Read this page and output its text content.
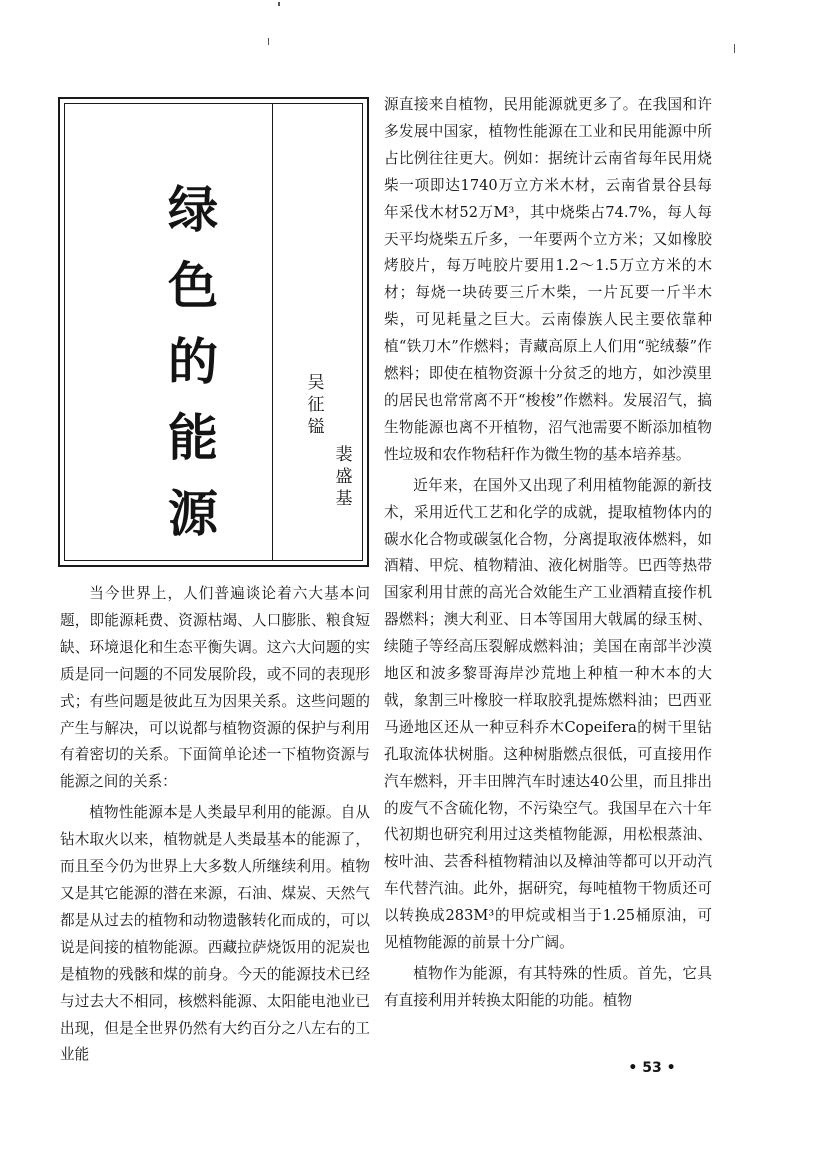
绿
色
的
能
源
吴
征
镒
裴
盛
基

当今世界上，人们普遍谈论着六大基本问题，即能源耗费、资源枯竭、人口膨胀、粮食短缺、环境退化和生态平衡失调。这六大问题的实质是同一问题的不同发展阶段，或不同的表现形式；有些问题是彼此互为因果关系。这些问题的产生与解决，可以说都与植物资源的保护与利用有着密切的关系。下面简单论述一下植物资源与能源之间的关系：

植物性能源本是人类最早利用的能源。自从钻木取火以来，植物就是人类最基本的能源了，而且至今仍为世界上大多数人所继续利用。植物又是其它能源的潜在来源，石油、煤炭、天然气都是从过去的植物和动物遗骸转化而成的，可以说是间接的植物能源。西藏拉萨烧饭用的泥炭也是植物的残骸和煤的前身。今天的能源技术已经与过去大不相同，核燃料能源、太阳能电池业已出现，但是全世界仍然有大约百分之八左右的工业能

源直接来自植物，民用能源就更多了。在我国和许多发展中国家，植物性能源在工业和民用能源中所占比例往往更大。例如：据统计云南省每年民用烧柴一项即达1740万立方米木材，云南省景谷县每年采伐木材52万M³，其中烧柴占74.7%，每人每天平均烧柴五斤多，一年要两个立方米；又如橡胶烤胶片，每万吨胶片要用1.2～1.5万立方米的木材；每烧一块砖要三斤木柴，一片瓦要一斤半木柴，可见耗量之巨大。云南傣族人民主要依靠种植“铁刀木”作燃料；青藏高原上人们用“驼绒藜”作燃料；即使在植物资源十分贫乏的地方，如沙漠里的居民也常常离不开“梭梭”作燃料。发展沼气，搞生物能源也离不开植物，沼气池需要不断添加植物性垃圾和农作物秸秆作为微生物的基本培养基。

近年来，在国外又出现了利用植物能源的新技术，采用近代工艺和化学的成就，提取植物体内的碳水化合物或碳氢化合物，分离提取液体燃料，如酒精、甲烷、植物精油、液化树脂等。巴西等热带国家利用甘蔗的高光合效能生产工业酒精直接作机器燃料；澳大利亚、日本等国用大戟属的绿玉树、续随子等经高压裂解成燃料油；美国在南部半沙漠地区和波多黎哥海岸沙荒地上种植一种木本的大戟，象割三叶橡胶一样取胶乳提炼燃料油；巴西亚马逊地区还从一种豆科乔木Copeifera的树干里钻孔取流体状树脂。这种树脂燃点很低，可直接用作汽车燃料，开丰田牌汽车时速达40公里，而且排出的废气不含硫化物，不污染空气。我国早在六十年代初期也研究利用过这类植物能源，用松根蒸油、桉叶油、芸香科植物精油以及樟油等都可以开动汽车代替汽油。此外，据研究，每吨植物干物质还可以转换成283M³的甲烷或相当于1.25桶原油，可见植物能源的前景十分广阔。

植物作为能源，有其特殊的性质。首先，它具有直接利用并转换太阳能的功能。植物

• 53 •
